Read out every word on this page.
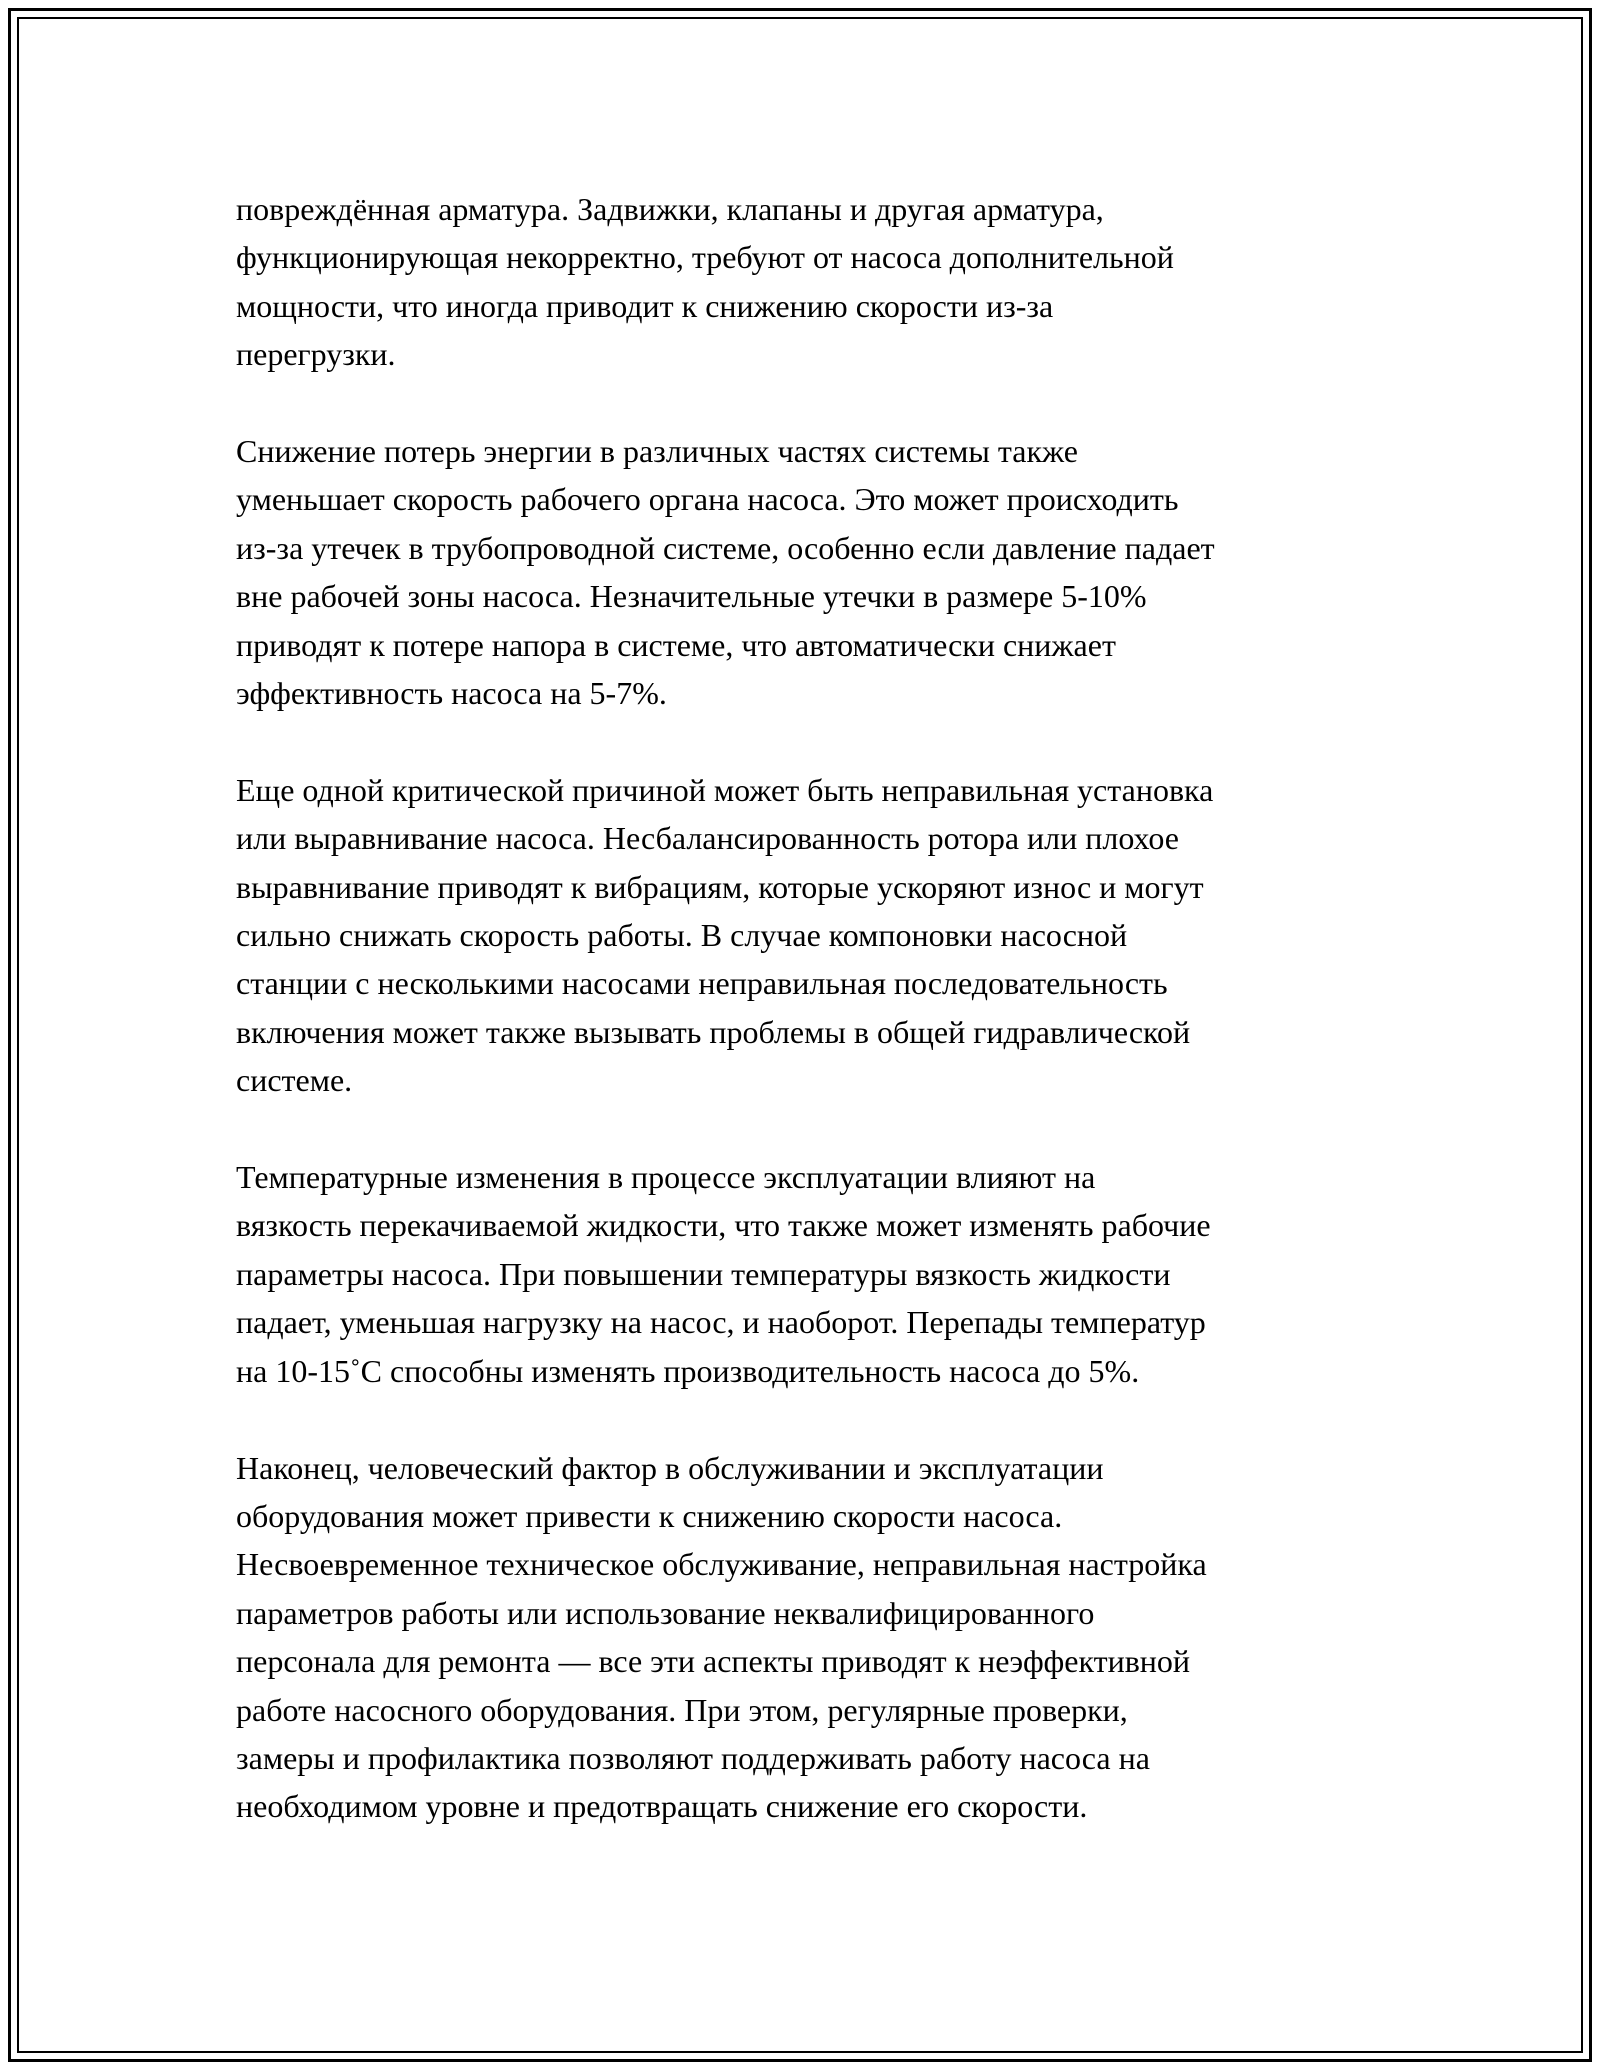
повреждённая арматура. Задвижки, клапаны и другая арматура,
функционирующая некорректно, требуют от насоса дополнительной
мощности, что иногда приводит к снижению скорости из-за
перегрузки.

Снижение потерь энергии в различных частях системы также
уменьшает скорость рабочего органа насоса. Это может происходить
из-за утечек в трубопроводной системе, особенно если давление падает
вне рабочей зоны насоса. Незначительные утечки в размере 5-10%
приводят к потере напора в системе, что автоматически снижает
эффективность насоса на 5-7%.

Еще одной критической причиной может быть неправильная установка
или выравнивание насоса. Несбалансированность ротора или плохое
выравнивание приводят к вибрациям, которые ускоряют износ и могут
сильно снижать скорость работы. В случае компоновки насосной
станции с несколькими насосами неправильная последовательность
включения может также вызывать проблемы в общей гидравлической
системе.

Температурные изменения в процессе эксплуатации влияют на
вязкость перекачиваемой жидкости, что также может изменять рабочие
параметры насоса. При повышении температуры вязкость жидкости
падает, уменьшая нагрузку на насос, и наоборот. Перепады температур
на 10-15˚С способны изменять производительность насоса до 5%.

Наконец, человеческий фактор в обслуживании и эксплуатации
оборудования может привести к снижению скорости насоса.
Несвоевременное техническое обслуживание, неправильная настройка
параметров работы или использование неквалифицированного
персонала для ремонта — все эти аспекты приводят к неэффективной
работе насосного оборудования. При этом, регулярные проверки,
замеры и профилактика позволяют поддерживать работу насоса на
необходимом уровне и предотвращать снижение его скорости.
